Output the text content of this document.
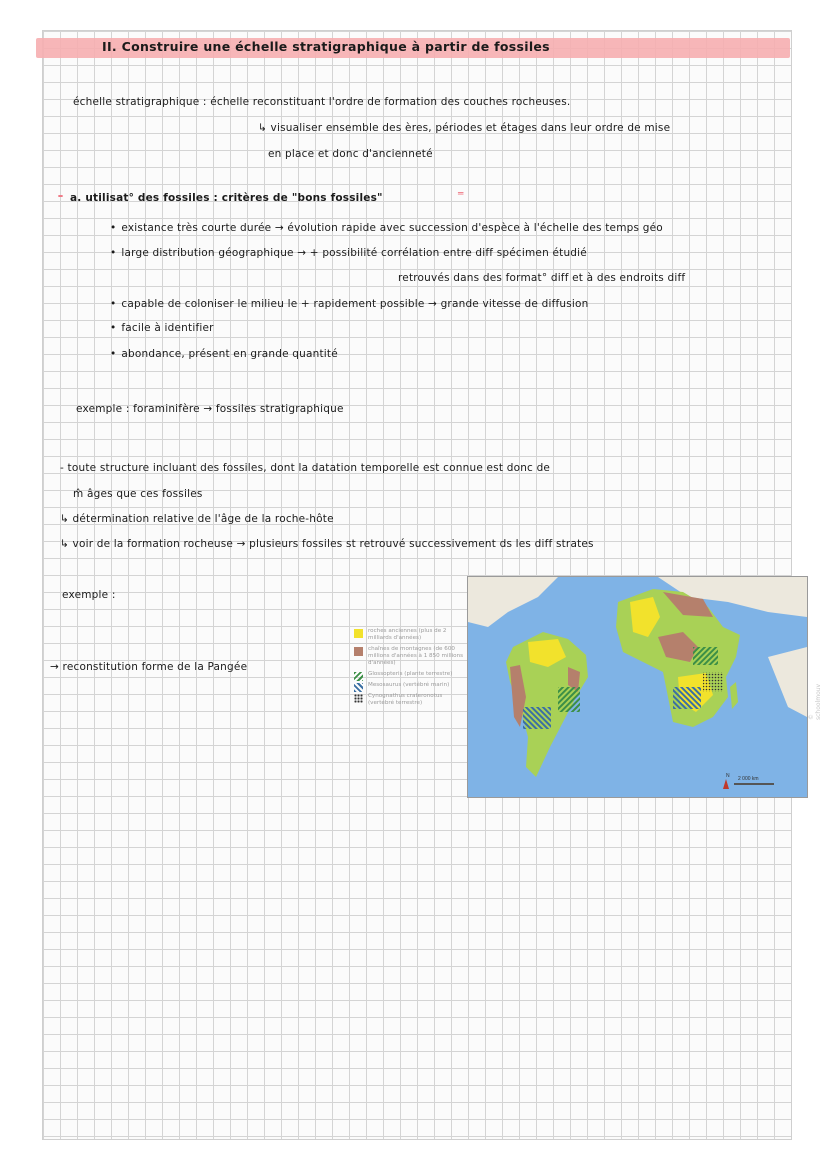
II. Construire une échelle stratigraphique à partir de fossiles
échelle stratigraphique : échelle reconstituant l'ordre de formation des couches rocheuses.
↳ visualiser ensemble des ères, périodes et étages dans leur ordre de mise
en place et donc d'ancienneté
⁃ a. utilisat° des fossiles : critères de "bons fossiles"	⁼
• existance très courte durée → évolution rapide avec succession d'espèce à l'échelle des temps géo
• large distribution géographique → + possibilité corrélation entre diff spécimen étudié
retrouvés dans des format° diff et à des endroits diff
• capable de coloniser le milieu le + rapidement possible → grande vitesse de diffusion
• facile à identifier
• abondance, présent en grande quantité
exemple : foraminifère → fossiles stratigraphique
- toute structure incluant des fossiles, dont la datation temporelle est connue est donc de
m̂ âges que ces fossiles
↳ détermination relative de l'âge de la roche-hôte
↳ voir de la formation rocheuse → plusieurs fossiles st retrouvé successivement ds les diff strates
exemple :
→ reconstitution forme de la Pangée
roches anciennes (plus de 2 milliards d'années)
chaînes de montagnes (de 600 millions d'années à 1 850 millions d'années)
Glossopteris (plante terrestre)
Mesosaurus (vertébré marin)
Cynognathus crateronotus (vertébré terrestre)
N 2 000 km
© schoolmouv
